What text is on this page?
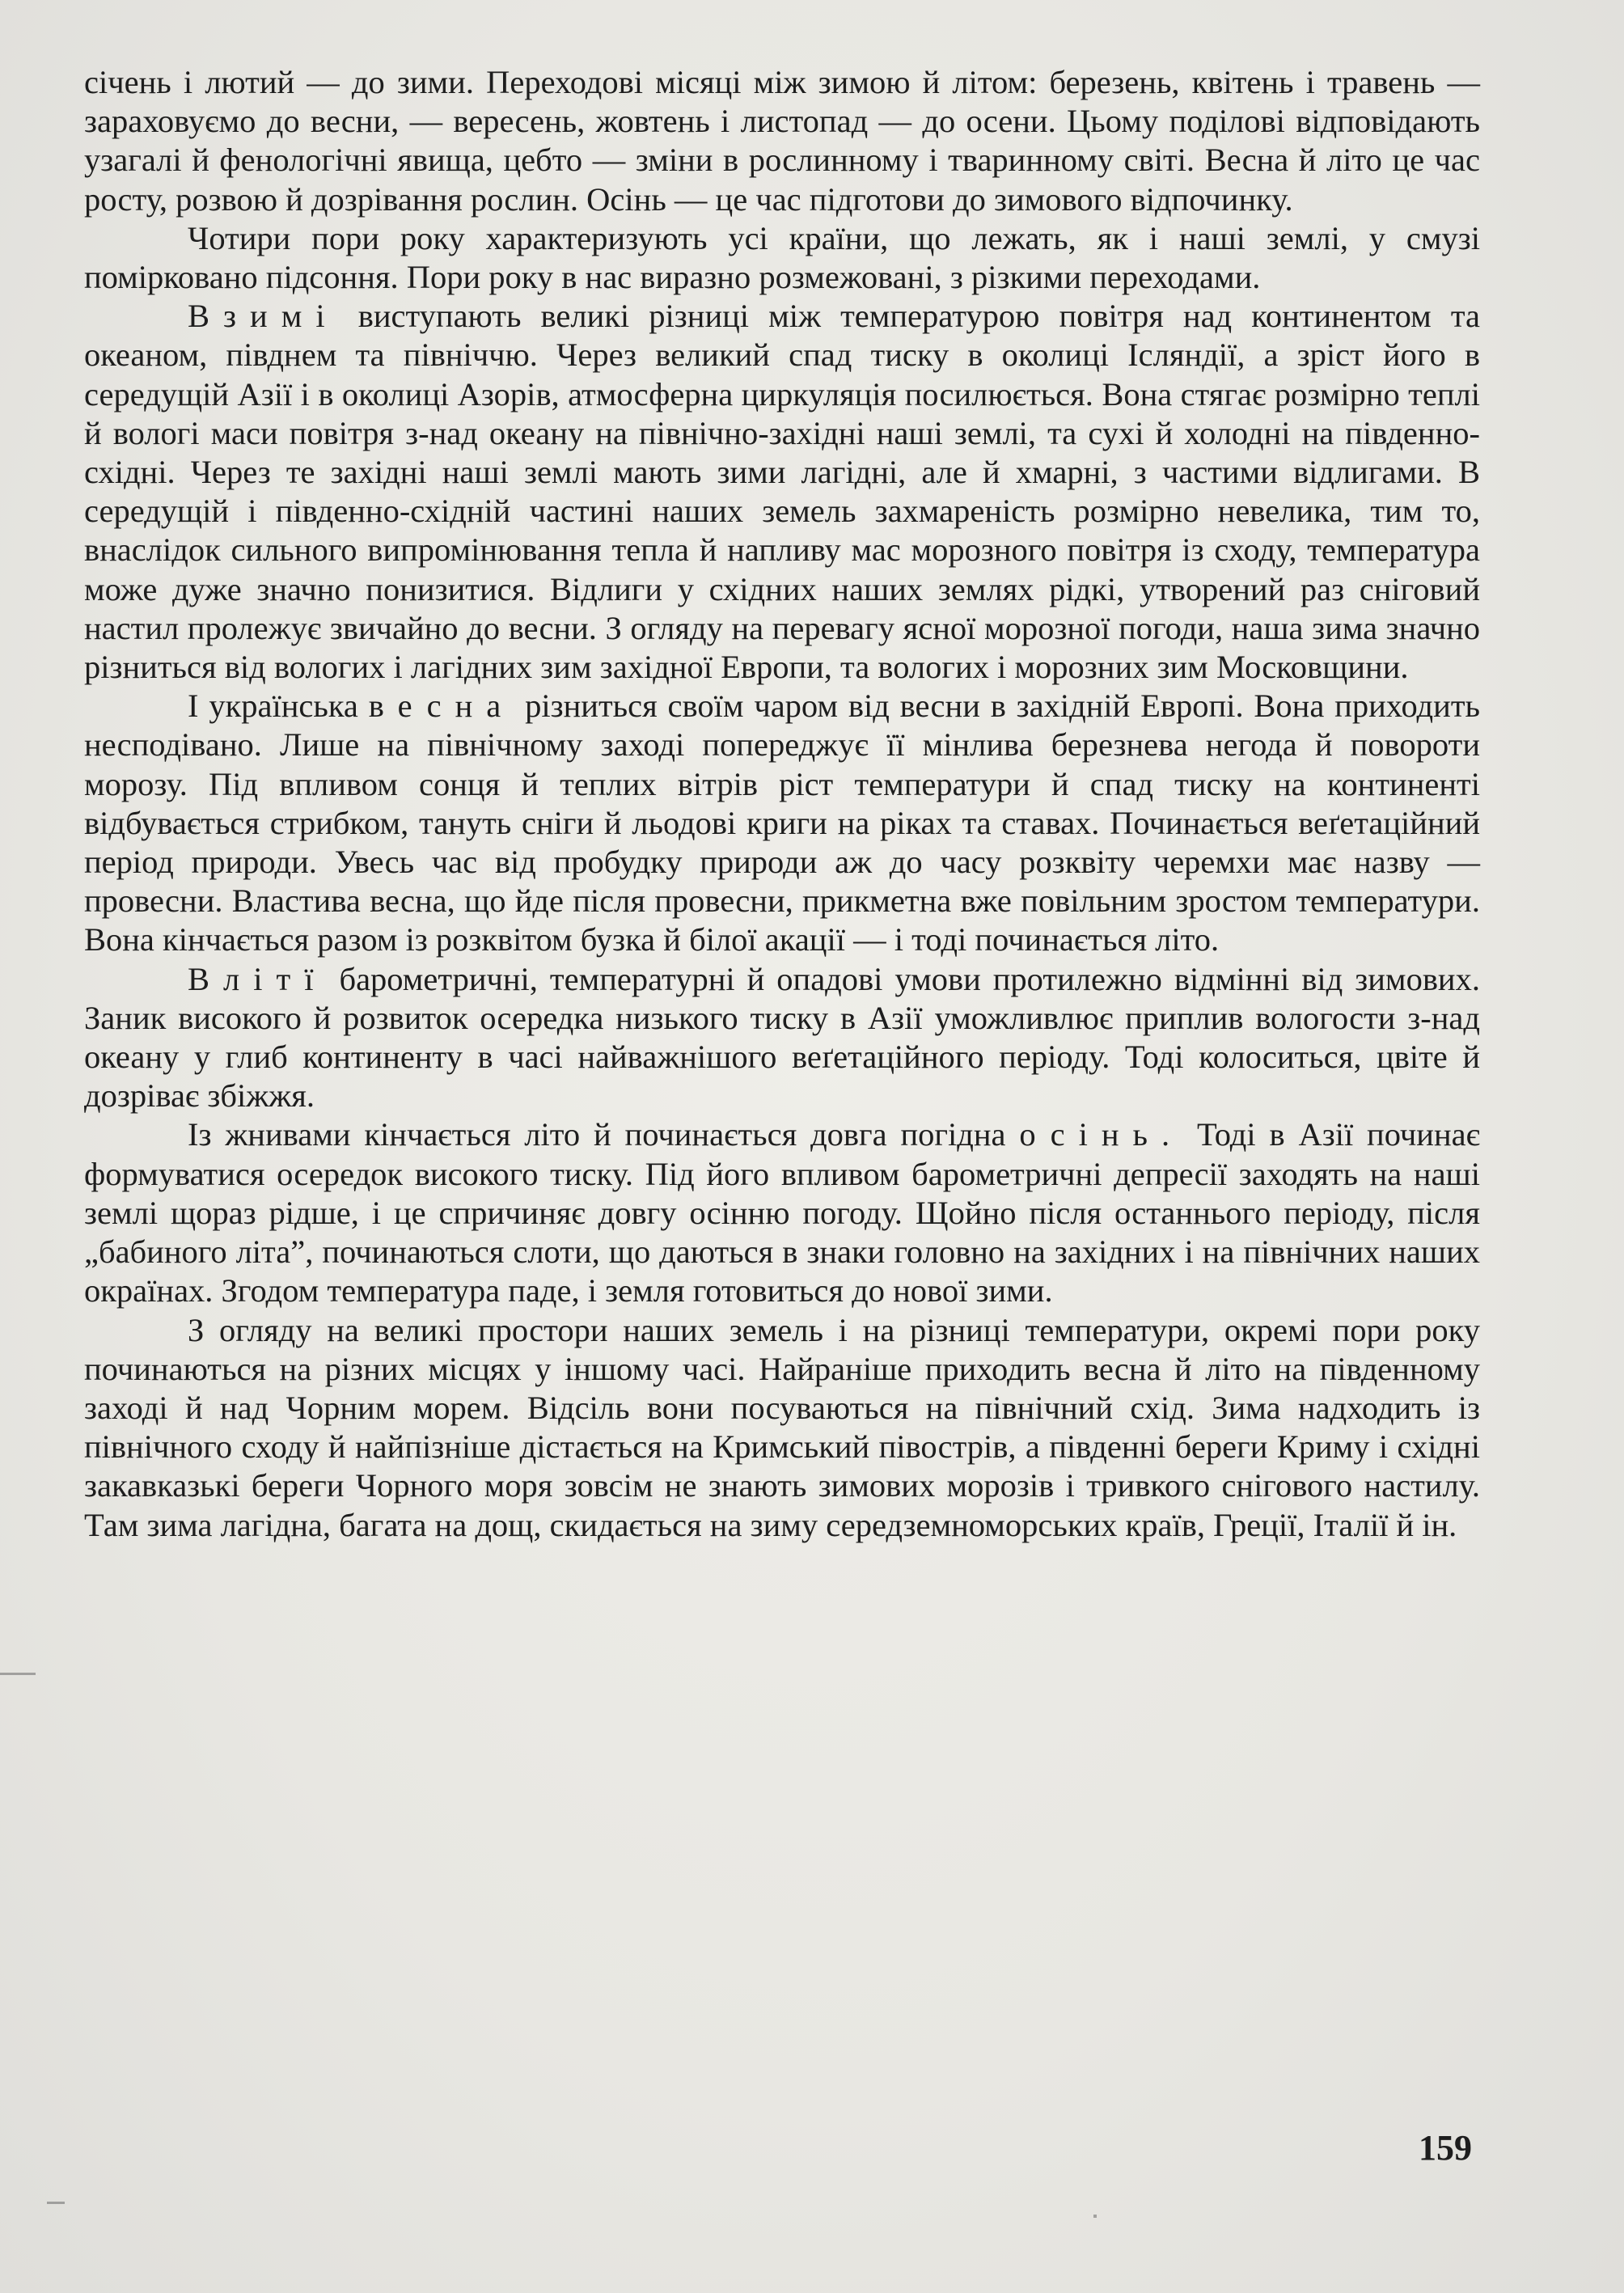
січень і лютий — до зими. Переходові місяці між зимою й літом: березень, квітень і травень — зараховуємо до весни, — вересень, жовтень і листопад — до осени. Цьому поділові відповідають узагалі й фенологічні явища, цебто — зміни в рослинному і тваринному світі. Весна й літо це час росту, розвою й дозрівання рослин. Осінь — це час підготови до зимового відпочинку.

Чотири пори року характеризують усі країни, що лежать, як і наші землі, у смузі помірковано підсоння. Пори року в нас виразно розмежовані, з різкими переходами.

Взимі виступають великі різниці між температурою повітря над континентом та океаном, півднем та північчю. Через великий спад тиску в околиці Ісляндії, а зріст його в середущій Азії і в околиці Азорів, атмосферна циркуляція посилюється. Вона стягає розмірно теплі й вологі маси повітря з-над океану на північно-західні наші землі, та сухі й холодні на південно-східні. Через те західні наші землі мають зими лагідні, але й хмарні, з частими відлигами. В середущій і південно-східній частині наших земель захмареність розмірно невелика, тим то, внаслідок сильного випромінювання тепла й напливу мас морозного повітря із сходу, температура може дуже значно понизитися. Відлиги у східних наших землях рідкі, утворений раз сніговий настил пролежує звичайно до весни. З огляду на перевагу ясної морозної погоди, наша зима значно різниться від вологих і лагідних зим західної Европи, та вологих і морозних зим Московщини.

І українська весна різниться своїм чаром від весни в західній Европі. Вона приходить несподівано. Лише на північному заході попереджує її мінлива березнева негода й повороти морозу. Під впливом сонця й теплих вітрів ріст температури й спад тиску на континенті відбувається стрибком, тануть сніги й льодові криги на ріках та ставах. Починається веґетаційний період природи. Увесь час від пробудку природи аж до часу розквіту черемхи має назву — провесни. Властива весна, що йде після провесни, прикметна вже повільним зростом температури. Вона кінчається разом із розквітом бузка й білої акації — і тоді починається літо.

Влітї барометричні, температурні й опадові умови протилежно відмінні від зимових. Заник високого й розвиток осередка низького тиску в Азії уможливлює приплив вологости з-над океану у глиб континенту в часі найважнішого веґетаційного періоду. Тоді колоситься, цвіте й дозріває збіжжя.

Із жнивами кінчається літо й починається довга погідна осінь. Тоді в Азії починає формуватися осередок високого тиску. Під його впливом барометричні депресії заходять на наші землі щораз рідше, і це спричиняє довгу осінню погоду. Щойно після останнього періоду, після „бабиного літа”, починаються слоти, що даються в знаки головно на західних і на північних наших окраїнах. Згодом температура паде, і земля готовиться до нової зими.

З огляду на великі простори наших земель і на різниці температури, окремі пори року починаються на різних місцях у іншому часі. Найраніше приходить весна й літо на південному заході й над Чорним морем. Відсіль вони посуваються на північний схід. Зима надходить із північного сходу й найпізніше дістається на Кримський півострів, а південні береги Криму і східні закавказькі береги Чорного моря зовсім не знають зимових морозів і тривкого снігового настилу. Там зима лагідна, багата на дощ, скидається на зиму середземноморських країв, Греції, Італії й ін.

159
